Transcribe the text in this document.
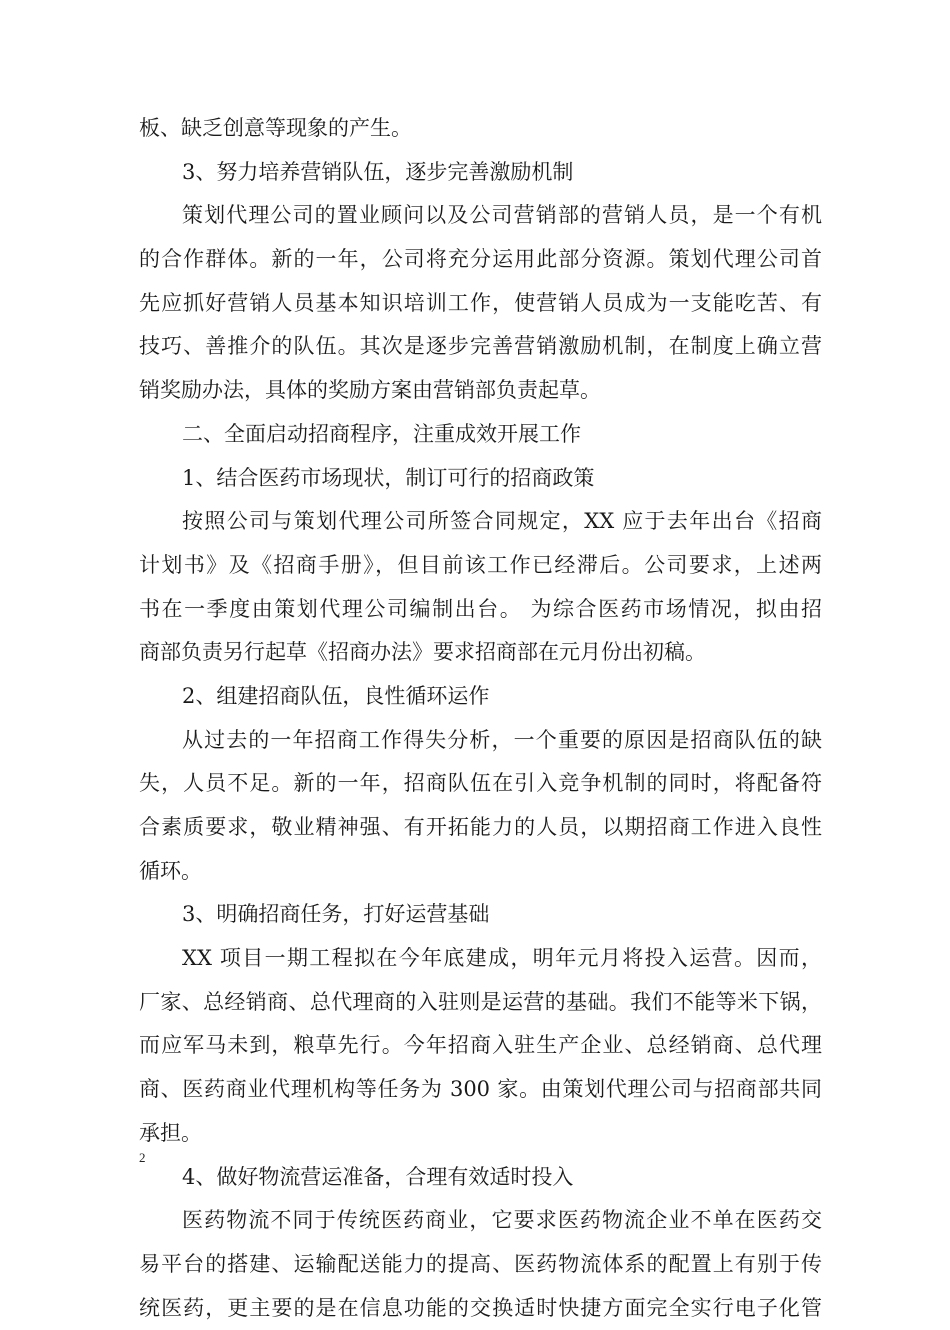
板、缺乏创意等现象的产生。
3、努力培养营销队伍，逐步完善激励机制
策划代理公司的置业顾问以及公司营销部的营销人员，是一个有机
的合作群体。新的一年，公司将充分运用此部分资源。策划代理公司首
先应抓好营销人员基本知识培训工作，使营销人员成为一支能吃苦、有
技巧、善推介的队伍。其次是逐步完善营销激励机制，在制度上确立营
销奖励办法，具体的奖励方案由营销部负责起草。
二、全面启动招商程序，注重成效开展工作
1、结合医药市场现状，制订可行的招商政策
按照公司与策划代理公司所签合同规定，XX 应于去年出台《招商
计划书》及《招商手册》，但目前该工作已经滞后。公司要求，上述两
书在一季度由策划代理公司编制出台。 为综合医药市场情况，拟由招
商部负责另行起草《招商办法》要求招商部在元月份出初稿。
2、组建招商队伍，良性循环运作
从过去的一年招商工作得失分析，一个重要的原因是招商队伍的缺
失，人员不足。新的一年，招商队伍在引入竞争机制的同时，将配备符
合素质要求，敬业精神强、有开拓能力的人员，以期招商工作进入良性
循环。
3、明确招商任务，打好运营基础
XX 项目一期工程拟在今年底建成，明年元月将投入运营。因而，
厂家、总经销商、总代理商的入驻则是运营的基础。我们不能等米下锅，
而应军马未到，粮草先行。今年招商入驻生产企业、总经销商、总代理
商、医药商业代理机构等任务为 300 家。由策划代理公司与招商部共同
承担。
4、做好物流营运准备，合理有效适时投入
医药物流不同于传统医药商业，它要求医药物流企业不单在医药交
易平台的搭建、运输配送能力的提高、医药物流体系的配置上有别于传
统医药，更主要的是在信息功能的交换适时快捷方面完全实行电子化管
2
